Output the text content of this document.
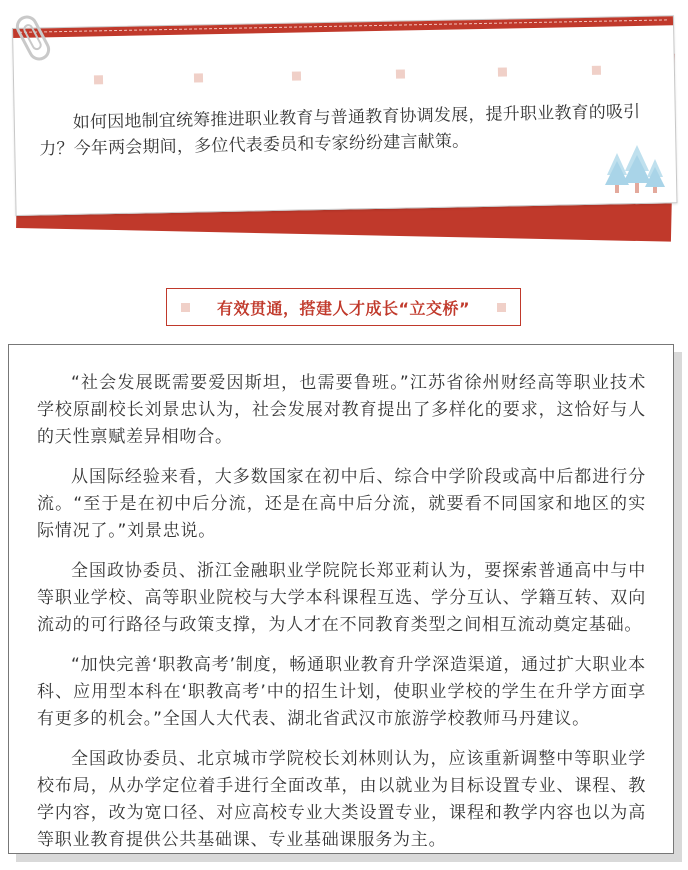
如何因地制宜统筹推进职业教育与普通教育协调发展，提升职业教育的吸引力？今年两会期间，多位代表委员和专家纷纷建言献策。
有效贯通，搭建人才成长“立交桥”

“社会发展既需要爱因斯坦，也需要鲁班。”江苏省徐州财经高等职业技术学校原副校长刘景忠认为，社会发展对教育提出了多样化的要求，这恰好与人的天性禀赋差异相吻合。

从国际经验来看，大多数国家在初中后、综合中学阶段或高中后都进行分流。“至于是在初中后分流，还是在高中后分流，就要看不同国家和地区的实际情况了。”刘景忠说。

全国政协委员、浙江金融职业学院院长郑亚莉认为，要探索普通高中与中等职业学校、高等职业院校与大学本科课程互选、学分互认、学籍互转、双向流动的可行路径与政策支撑，为人才在不同教育类型之间相互流动奠定基础。

“加快完善‘职教高考’制度，畅通职业教育升学深造渠道，通过扩大职业本科、应用型本科在‘职教高考’中的招生计划，使职业学校的学生在升学方面享有更多的机会。”全国人大代表、湖北省武汉市旅游学校教师马丹建议。

全国政协委员、北京城市学院校长刘林则认为，应该重新调整中等职业学校布局，从办学定位着手进行全面改革，由以就业为目标设置专业、课程、教学内容，改为宽口径、对应高校专业大类设置专业，课程和教学内容也以为高等职业教育提供公共基础课、专业基础课服务为主。
